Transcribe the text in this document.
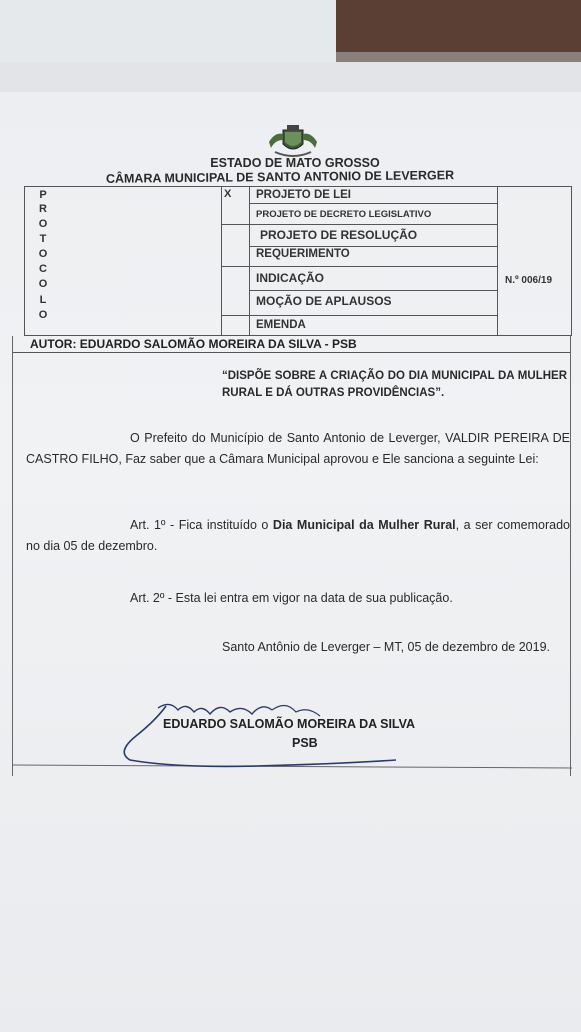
ESTADO DE MATO GROSSO
CÂMARA MUNICIPAL DE SANTO ANTONIO DE LEVERGER
P
R
O
T
O
C
O
L
O
X PROJETO DE LEI
PROJETO DE DECRETO LEGISLATIVO
PROJETO DE RESOLUÇÃO
REQUERIMENTO
INDICAÇÃO
MOÇÃO DE APLAUSOS
EMENDA
N.º 006/19
AUTOR: EDUARDO SALOMÃO MOREIRA DA SILVA - PSB
“DISPÕE SOBRE A CRIAÇÃO DO DIA MUNICIPAL DA MULHER RURAL E DÁ OUTRAS PROVIDÊNCIAS”.
O Prefeito do Município de Santo Antonio de Leverger, VALDIR PEREIRA DE CASTRO FILHO, Faz saber que a Câmara Municipal aprovou e Ele sanciona a seguinte Lei:
Art. 1º - Fica instituído o Dia Municipal da Mulher Rural, a ser comemorado no dia 05 de dezembro.
Art. 2º - Esta lei entra em vigor na data de sua publicação.
Santo Antônio de Leverger – MT, 05 de dezembro de 2019.
EDUARDO SALOMÃO MOREIRA DA SILVA
PSB
